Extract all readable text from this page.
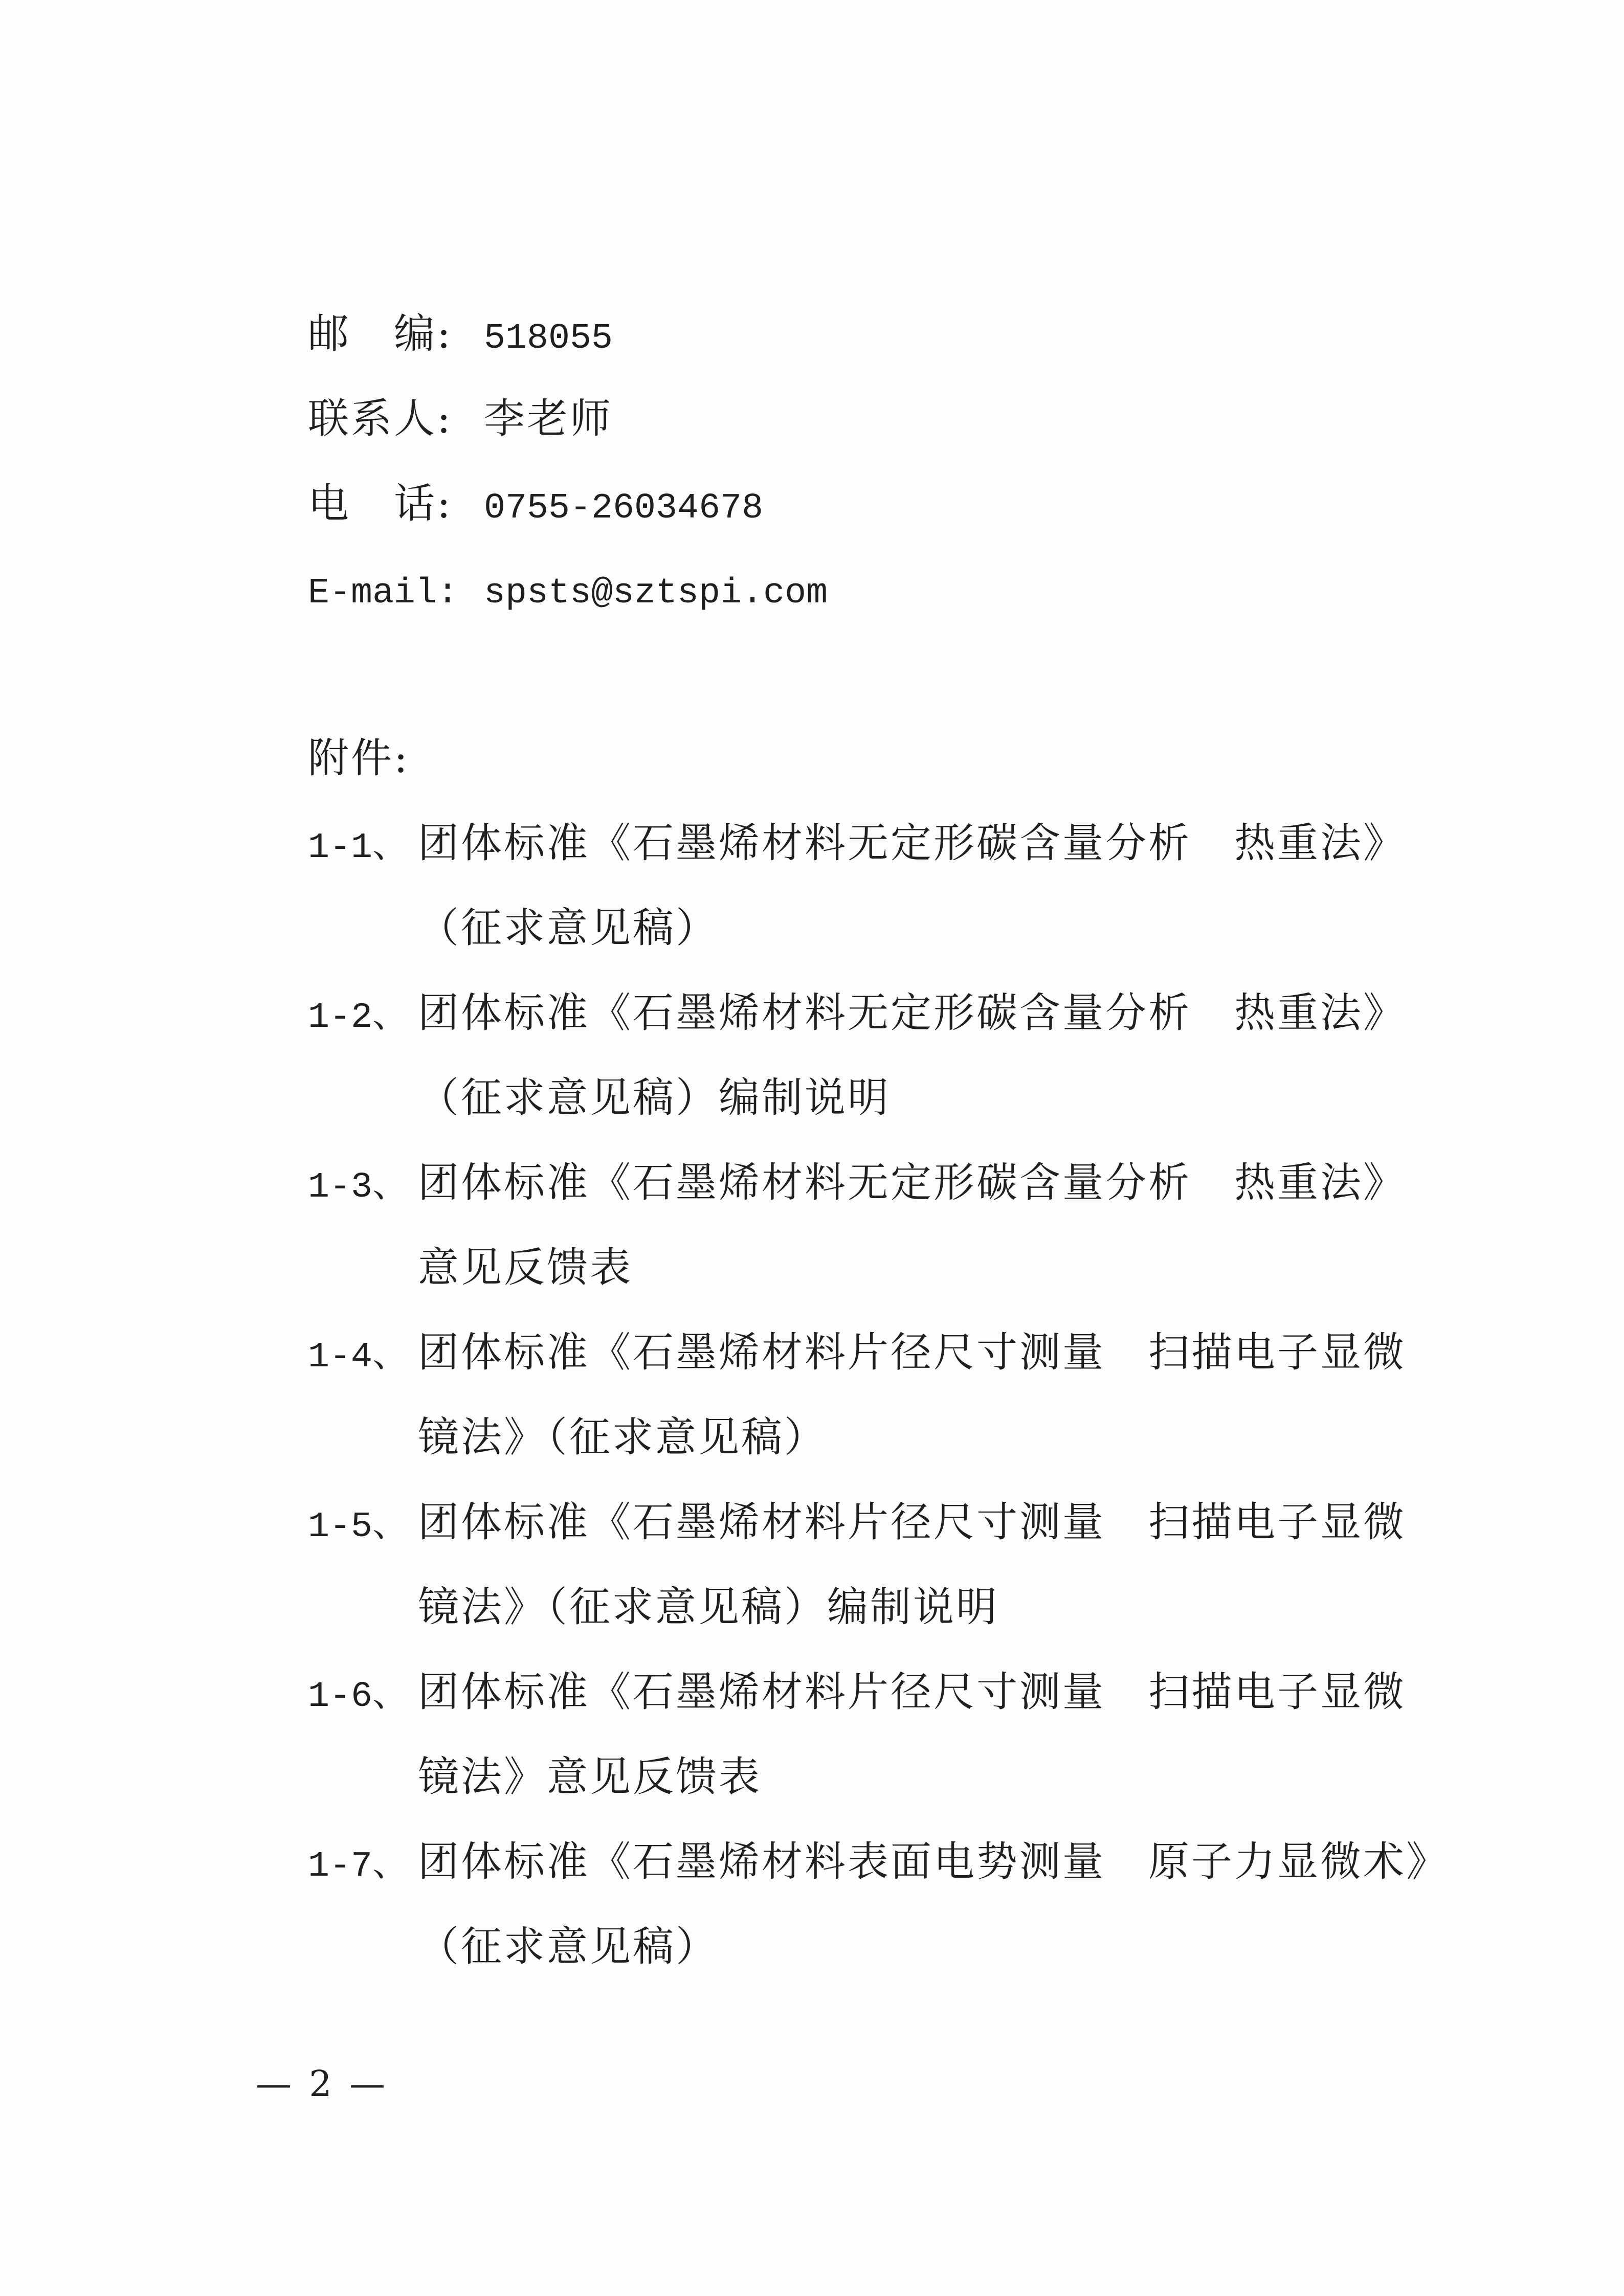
邮　编: 518055
联系人: 李老师
电　话: 0755-26034678
E-mail: spsts@sztspi.com
附件:
1-1、 团体标准《石墨烯材料无定形碳含量分析　热重法》
（征求意见稿）
1-2、 团体标准《石墨烯材料无定形碳含量分析　热重法》
（征求意见稿）编制说明
1-3、 团体标准《石墨烯材料无定形碳含量分析　热重法》
意见反馈表
1-4、 团体标准《石墨烯材料片径尺寸测量　扫描电子显微
镜法》（征求意见稿）
1-5、 团体标准《石墨烯材料片径尺寸测量　扫描电子显微
镜法》（征求意见稿）编制说明
1-6、 团体标准《石墨烯材料片径尺寸测量　扫描电子显微
镜法》意见反馈表
1-7、 团体标准《石墨烯材料表面电势测量　原子力显微术》
（征求意见稿）
— 2 —
